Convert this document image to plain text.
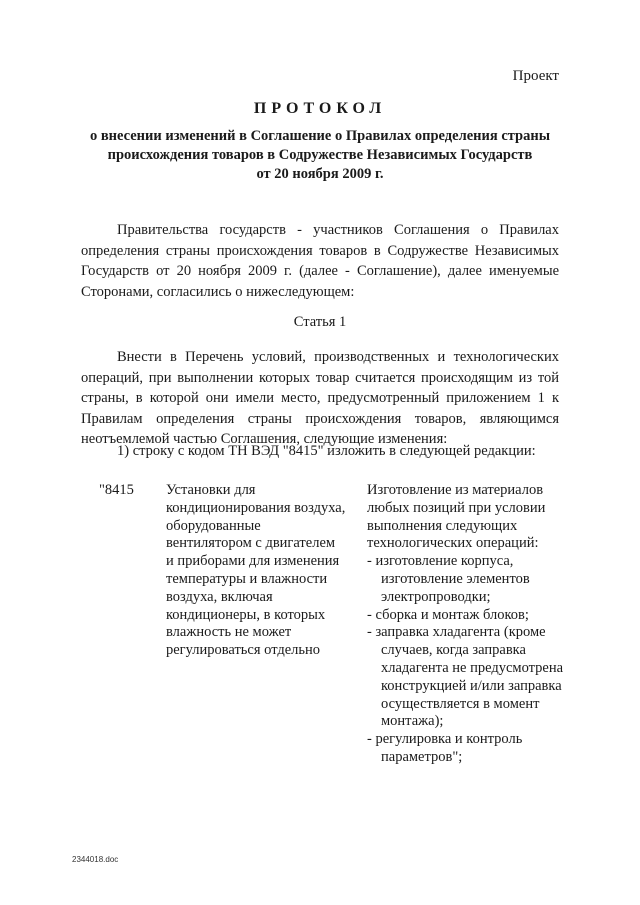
Проект
ПРОТОКОЛ
о внесении изменений в Соглашение о Правилах определения страны
происхождения товаров в Содружестве Независимых Государств
от 20 ноября 2009 г.
Правительства государств - участников Соглашения о Правилах
определения страны происхождения товаров в Содружестве Независимых
Государств от 20 ноября 2009 г. (далее - Соглашение), далее именуемые
Сторонами, согласились о нижеследующем:
Статья 1
Внести в Перечень условий, производственных и технологических
операций, при выполнении которых товар считается происходящим из той
страны, в которой они имели место, предусмотренный приложением 1 к
Правилам определения страны происхождения товаров, являющимся
неотъемлемой частью Соглашения, следующие изменения:
1) строку с кодом ТН ВЭД "8415" изложить в следующей редакции:
"8415 Установки для
кондиционирования воздуха,
оборудованные
вентилятором с двигателем
и приборами для изменения
температуры и влажности
воздуха, включая
кондиционеры, в которых
влажность не может
регулироваться отдельно
Изготовление из материалов
любых позиций при условии
выполнения следующих
технологических операций:
- изготовление корпуса,
изготовление элементов
электропроводки;
- сборка и монтаж блоков;
- заправка хладагента (кроме
случаев, когда заправка
хладагента не предусмотрена
конструкцией и/или заправка
осуществляется в момент
монтажа);
- регулировка и контроль
параметров";
2344018.doc
